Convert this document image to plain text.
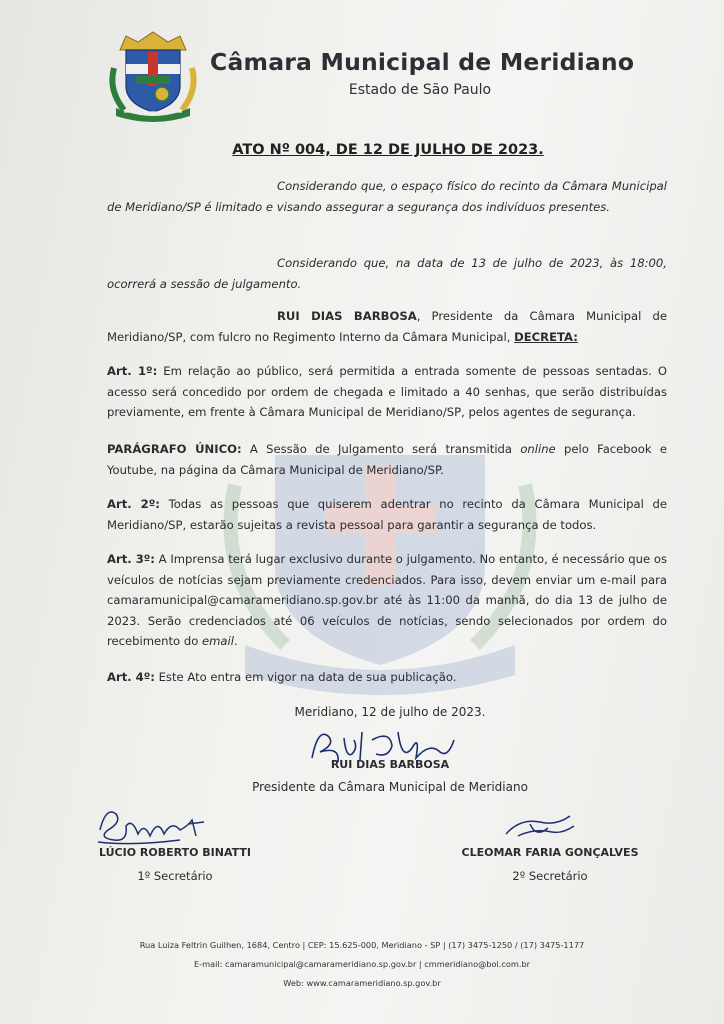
Câmara Municipal de Meridiano
Estado de São Paulo
ATO Nº 004, DE 12 DE JULHO DE 2023.
Considerando que, o espaço físico do recinto da Câmara Municipal de Meridiano/SP é limitado e visando assegurar a segurança dos indivíduos presentes.
Considerando que, na data de 13 de julho de 2023, às 18:00, ocorrerá a sessão de julgamento.
RUI DIAS BARBOSA, Presidente da Câmara Municipal de Meridiano/SP, com fulcro no Regimento Interno da Câmara Municipal, DECRETA:
Art. 1º: Em relação ao público, será permitida a entrada somente de pessoas sentadas. O acesso será concedido por ordem de chegada e limitado a 40 senhas, que serão distribuídas previamente, em frente à Câmara Municipal de Meridiano/SP, pelos agentes de segurança.
PARÁGRAFO ÚNICO: A Sessão de Julgamento será transmitida online pelo Facebook e Youtube, na página da Câmara Municipal de Meridiano/SP.
Art. 2º: Todas as pessoas que quiserem adentrar no recinto da Câmara Municipal de Meridiano/SP, estarão sujeitas a revista pessoal para garantir a segurança de todos.
Art. 3º: A Imprensa terá lugar exclusivo durante o julgamento. No entanto, é necessário que os veículos de notícias sejam previamente credenciados. Para isso, devem enviar um e-mail para camaramunicipal@camarameridiano.sp.gov.br até às 11:00 da manhã, do dia 13 de julho de 2023. Serão credenciados até 06 veículos de notícias, sendo selecionados por ordem do recebimento do email.
Art. 4º: Este Ato entra em vigor na data de sua publicação.
Meridiano, 12 de julho de 2023.
RUI DIAS BARBOSA
Presidente da Câmara Municipal de Meridiano
LÚCIO ROBERTO BINATTI
1º Secretário
CLEOMAR FARIA GONÇALVES
2º Secretário
Rua Luiza Feltrin Guilhen, 1684, Centro | CEP: 15.625-000, Meridiano - SP | (17) 3475-1250 / (17) 3475-1177
E-mail: camaramunicipal@camarameridiano.sp.gov.br | cmmeridiano@bol.com.br
Web: www.camarameridiano.sp.gov.br
